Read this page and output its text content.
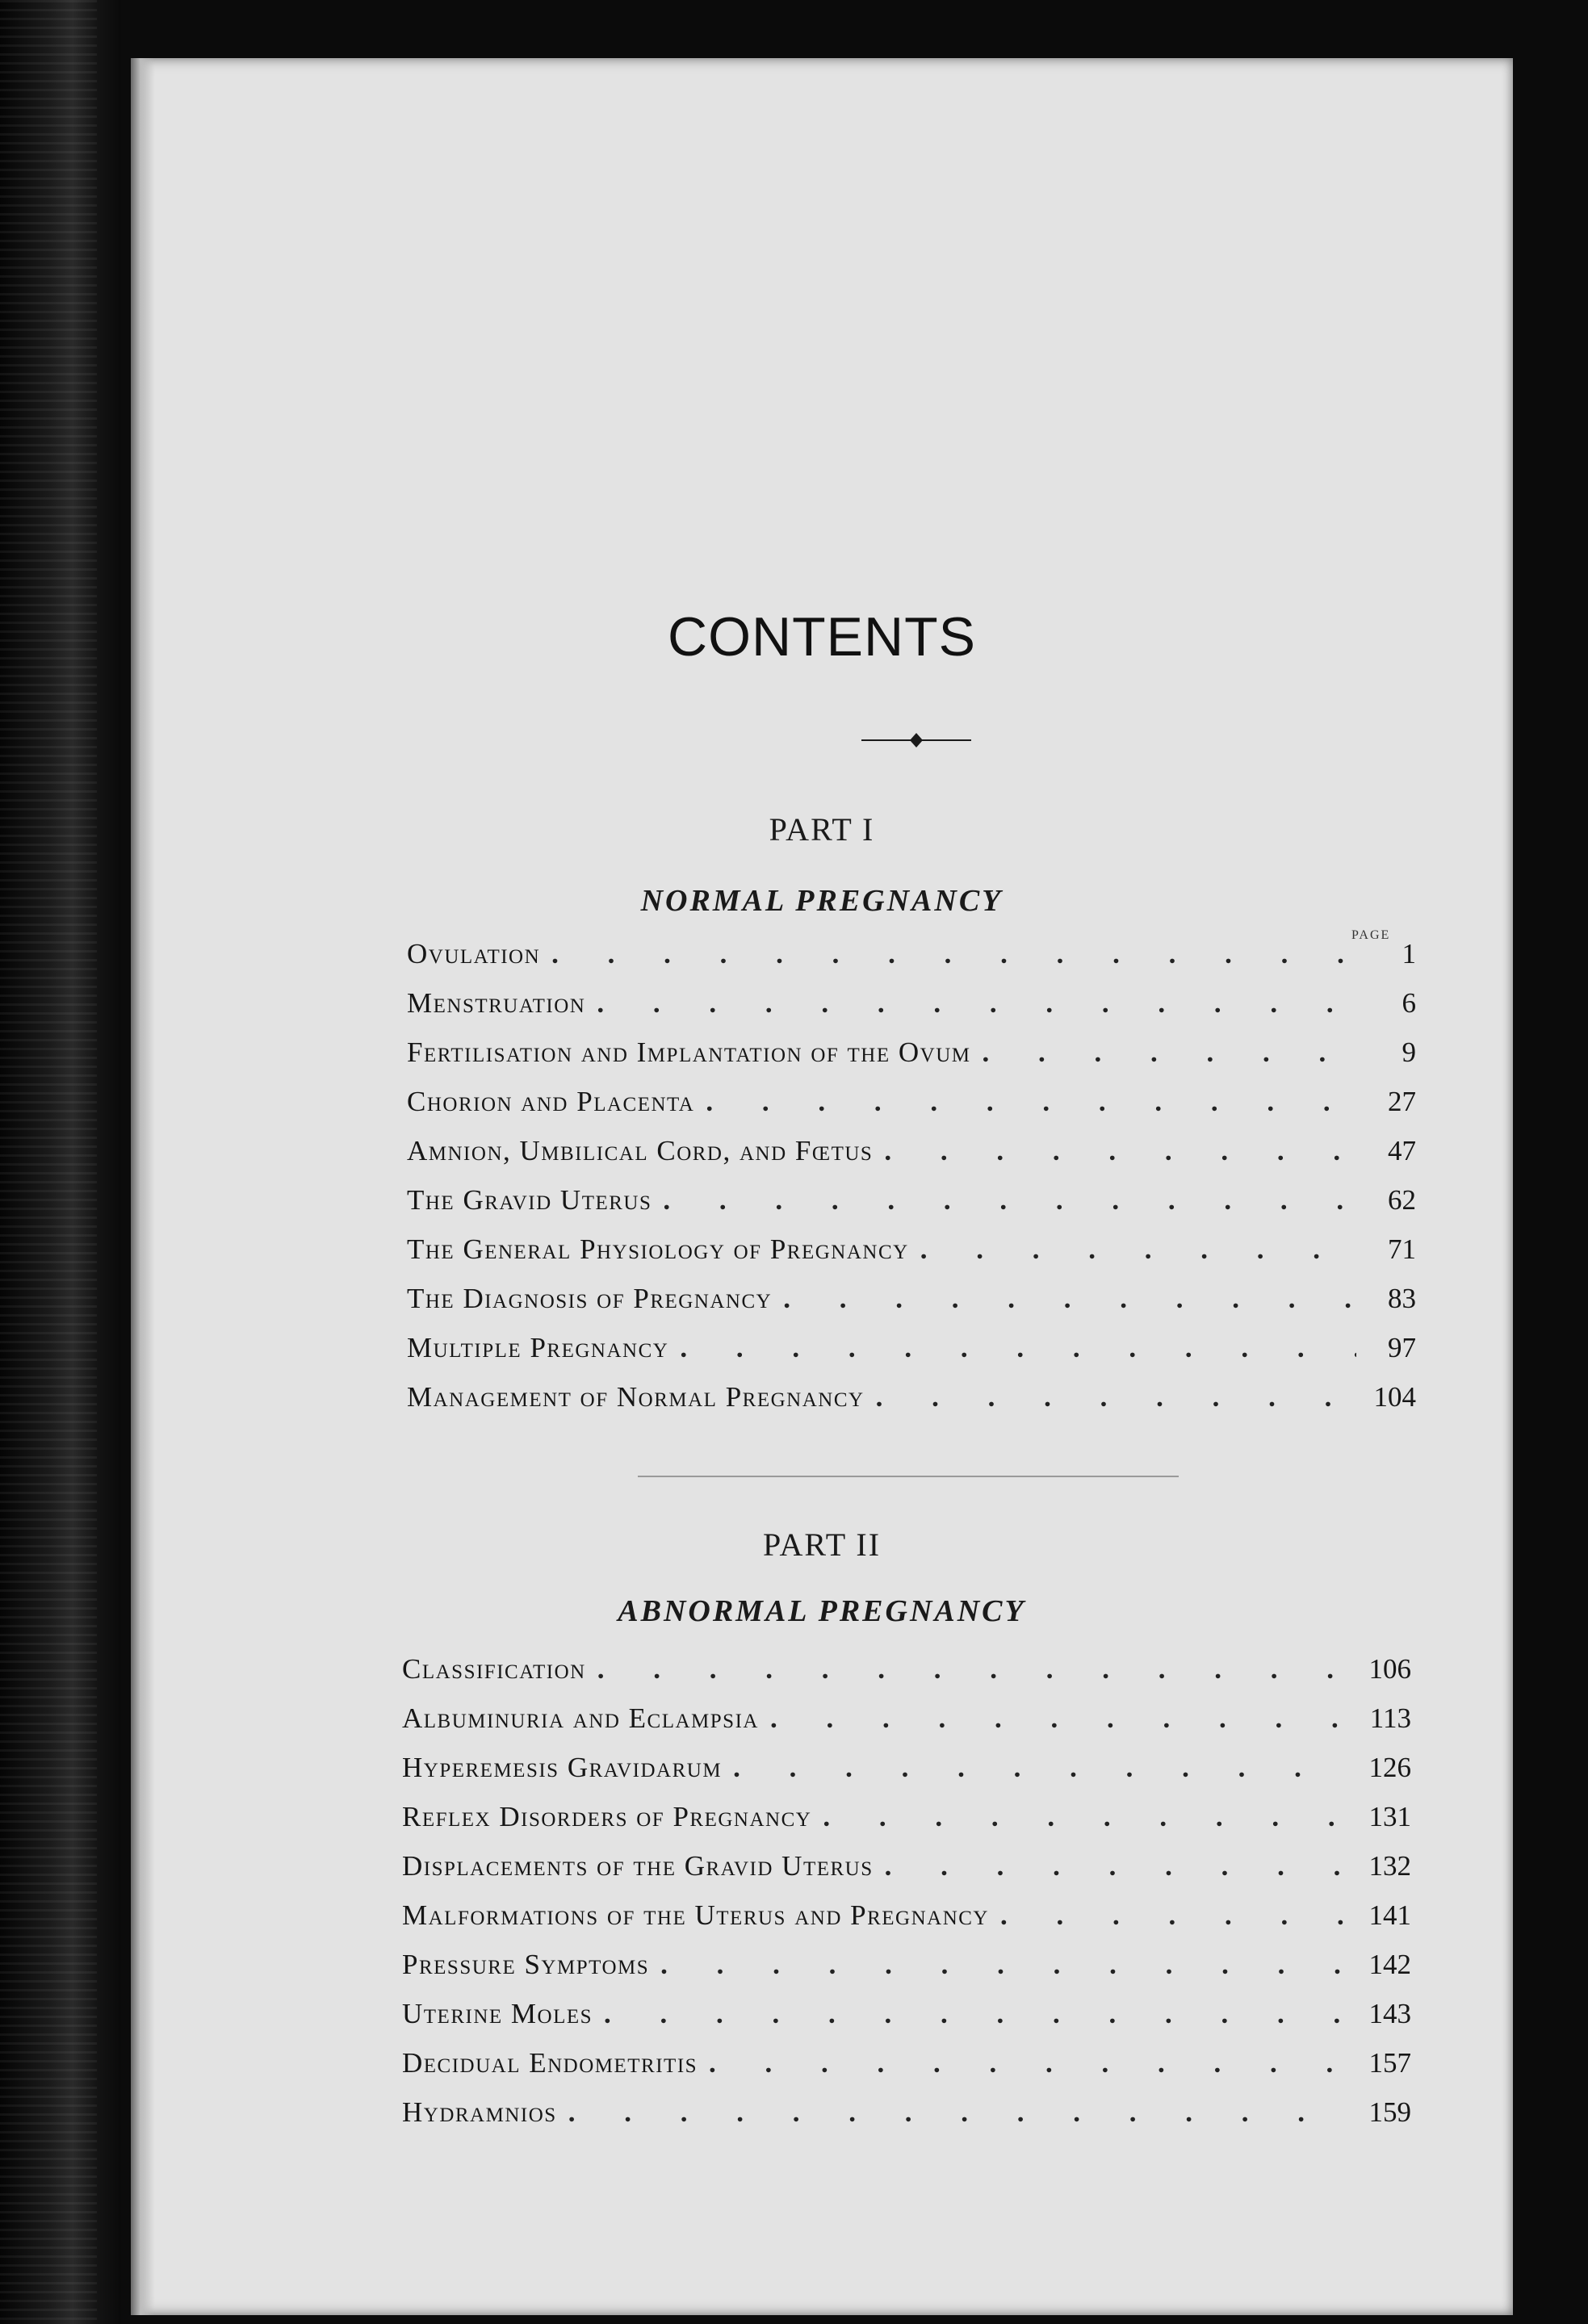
CONTENTS
PART I
NORMAL PREGNANCY
PAGE
Ovulation . . .	1
Menstruation . . .	6
Fertilisation and Implantation of the Ovum . . .	9
Chorion and Placenta . . .	27
Amnion, Umbilical Cord, and Fœtus . . .	47
The Gravid Uterus . . .	62
The General Physiology of Pregnancy . . .	71
The Diagnosis of Pregnancy . . .	83
Multiple Pregnancy . . .	97
Management of Normal Pregnancy . . .	104
PART II
ABNORMAL PREGNANCY
Classification . . .	106
Albuminuria and Eclampsia . . .	113
Hyperemesis Gravidarum . . .	126
Reflex Disorders of Pregnancy . . .	131
Displacements of the Gravid Uterus . . .	132
Malformations of the Uterus and Pregnancy . . .	141
Pressure Symptoms . . .	142
Uterine Moles . . .	143
Decidual Endometritis . . .	157
Hydramnios . . .	159
